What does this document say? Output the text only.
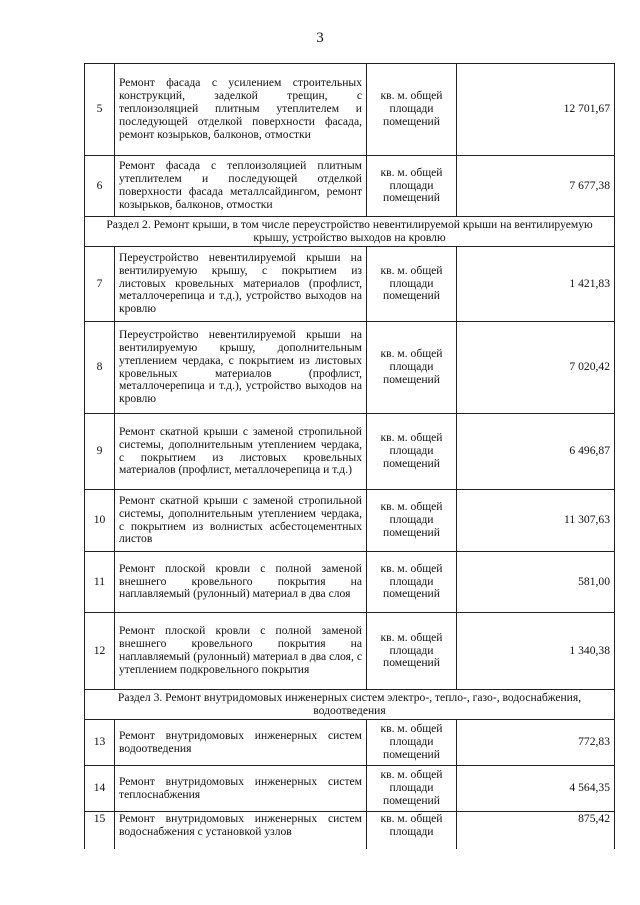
3
5	Ремонт фасада с усилением строительных конструкций, заделкой трещин, с теплоизоляцией плитным утеплителем и последующей отделкой поверхности фасада, ремонт козырьков, балконов, отмостки	кв. м. общей площади помещений	12 701,67
6	Ремонт фасада с теплоизоляцией плитным утеплителем и последующей отделкой поверхности фасада металлсайдингом, ремонт козырьков, балконов, отмостки	кв. м. общей площади помещений	7 677,38
Раздел 2. Ремонт крыши, в том числе переустройство невентилируемой крыши на вентилируемую крышу, устройство выходов на кровлю			
7	Переустройство невентилируемой крыши на вентилируемую крышу, с покрытием из листовых кровельных материалов (профлист, металлочерепица и т.д.), устройство выходов на кровлю	кв. м. общей площади помещений	1 421,83
8	Переустройство невентилируемой крыши на вентилируемую крышу, дополнительным утеплением чердака, с покрытием из листовых кровельных материалов (профлист, металлочерепица и т.д.), устройство выходов на кровлю	кв. м. общей площади помещений	7 020,42
9	Ремонт скатной крыши с заменой стропильной системы, дополнительным утеплением чердака, с покрытием из листовых кровельных материалов (профлист, металлочерепица и т.д.)	кв. м. общей площади помещений	6 496,87
10	Ремонт скатной крыши с заменой стропильной системы, дополнительным утеплением чердака, с покрытием из волнистых асбестоцементных листов	кв. м. общей площади помещений	11 307,63
11	Ремонт плоской кровли с полной заменой внешнего кровельного покрытия на наплавляемый (рулонный) материал в два слоя	кв. м. общей площади помещений	581,00
12	Ремонт плоской кровли с полной заменой внешнего кровельного покрытия на наплавляемый (рулонный) материал в два слоя, с утеплением подкровельного покрытия	кв. м. общей площади помещений	1 340,38
Раздел 3. Ремонт внутридомовых инженерных систем электро-, тепло-, газо-, водоснабжения, водоотведения			
13	Ремонт внутридомовых инженерных систем водоотведения	кв. м. общей площади помещений	772,83
14	Ремонт внутридомовых инженерных систем теплоснабжения	кв. м. общей площади помещений	4 564,35
15	Ремонт внутридомовых инженерных систем водоснабжения с установкой узлов	кв. м. общей площади	875,42
